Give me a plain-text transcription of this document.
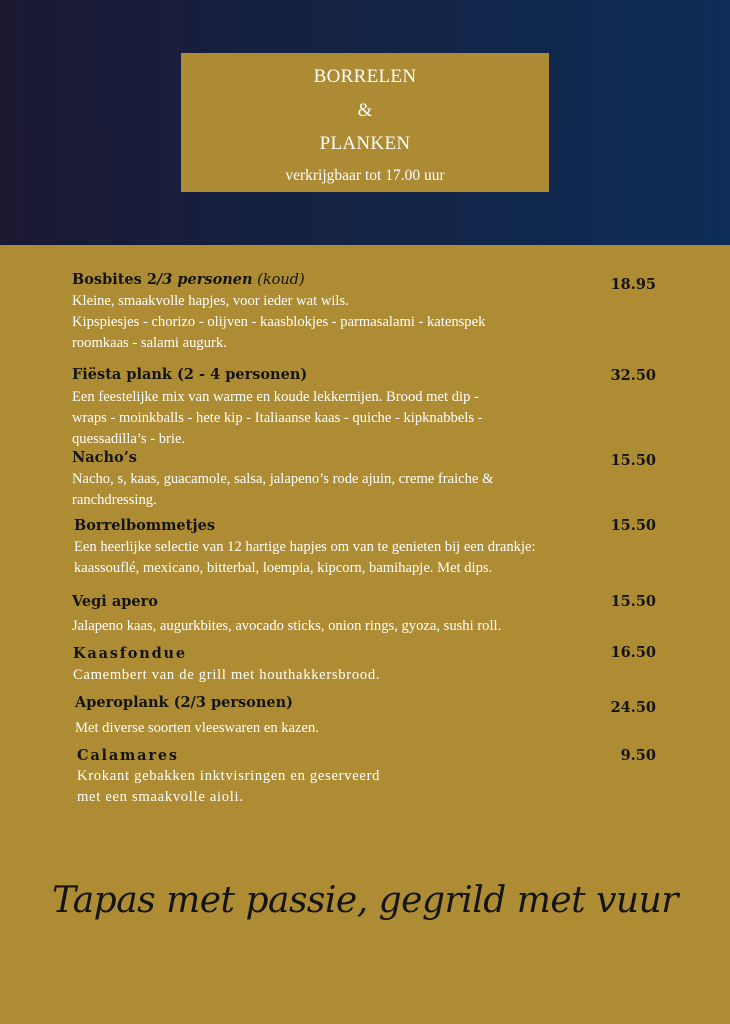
BORRELEN
&
PLANKEN
verkrijgbaar tot 17.00 uur
Bosbites 2/3 personen (koud)	18.95
Kleine, smaakvolle hapjes, voor ieder wat wils.
Kipspiesjes - chorizo - olijven - kaasblokjes - parmasalami - katenspek
roomkaas - salami augurk.
Fiësta plank (2 - 4 personen)	32.50
Een feestelijke mix van warme en koude lekkernijen. Brood met dip -
wraps - moinkballs - hete kip - Italiaanse kaas - quiche - kipknabbels -
quessadilla’s - brie.
Nacho’s	15.50
Nacho, s, kaas, guacamole, salsa, jalapeno’s rode ajuin, creme fraiche &
ranchdressing.
Borrelbommetjes	15.50
Een heerlijke selectie van 12 hartige hapjes om van te genieten bij een drankje:
kaassouflé, mexicano, bitterbal, loempia, kipcorn, bamihapje. Met dips.
Vegi apero	15.50
Jalapeno kaas, augurkbites, avocado sticks, onion rings, gyoza, sushi roll.
Kaasfondue	16.50
Camembert van de grill met houthakkersbrood.
Aperoplank (2/3 personen)	24.50
Met diverse soorten vleeswaren en kazen.
Calamares	9.50
Krokant gebakken inktvisringen en geserveerd
met een smaakvolle aioli.
Tapas met passie, gegrild met vuur
